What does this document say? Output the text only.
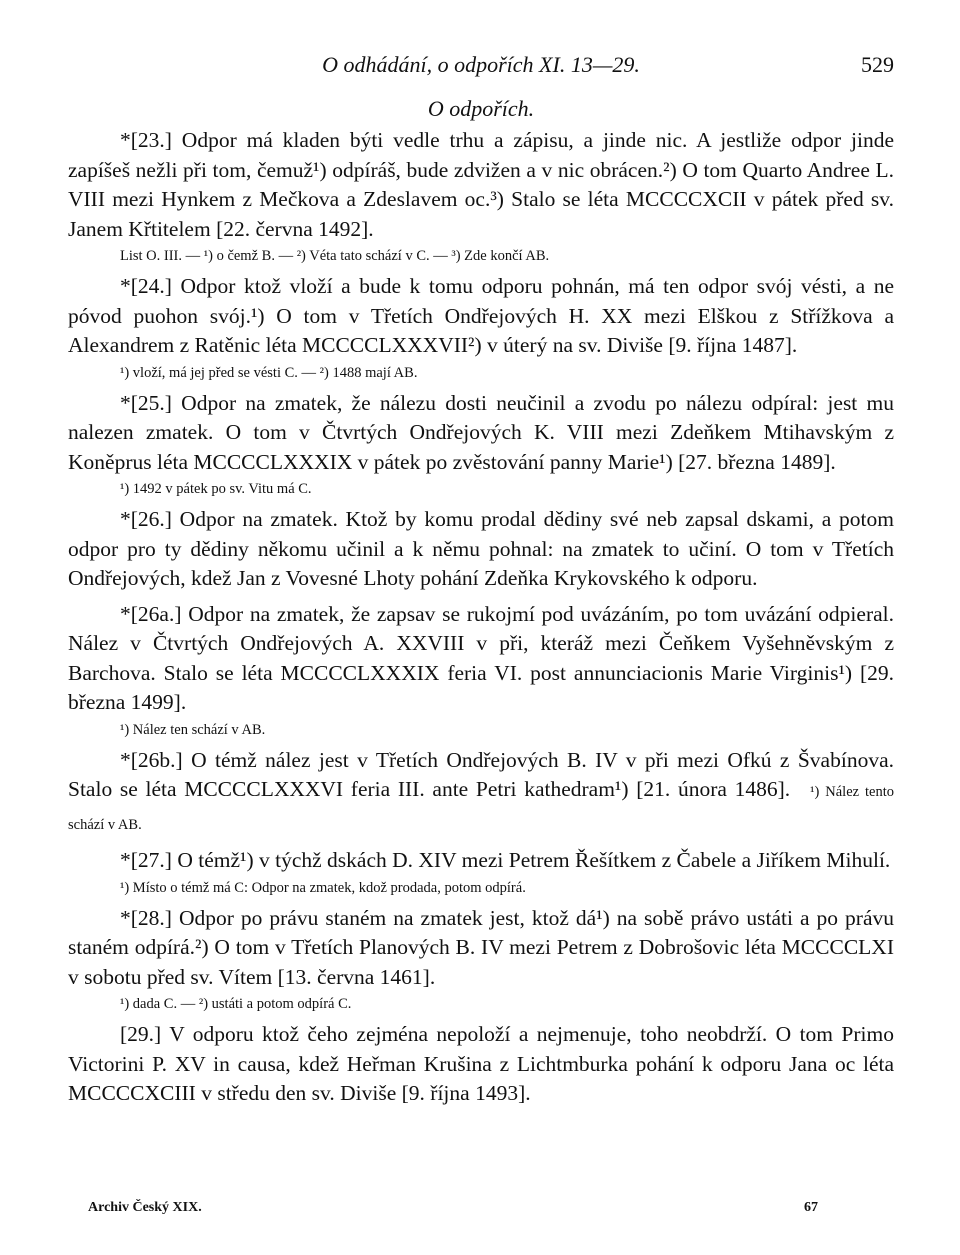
O odhádání, o odpořích XI. 13—29.	529
O odpořích.

*[23.] Odpor má kladen býti vedle trhu a zápisu, a jinde nic. A jestliže odpor jinde zapíšeš nežli při tom, čemuž¹) odpíráš, bude zdvižen a v nic obrácen.²) O tom Quarto Andree L. VIII mezi Hynkem z Mečkova a Zdeslavem oc.³) Stalo se léta MCCCCXCII v pátek před sv. Janem Křtitelem [22. června 1492].

List O. III. — ¹) o čemž B. — ²) Véta tato schází v C. — ³) Zde končí AB.

*[24.] Odpor ktož vloží a bude k tomu odporu pohnán, má ten odpor svój vésti, a ne póvod puohon svój.¹) O tom v Třetích Ondřejových H. XX mezi Elškou z Střížkova a Alexandrem z Ratěnic léta MCCCCLXXXVII²) v úterý na sv. Diviše [9. října 1487].

¹) vloží, má jej před se vésti C. — ²) 1488 mají AB.

*[25.] Odpor na zmatek, že nálezu dosti neučinil a zvodu po nálezu odpíral: jest mu nalezen zmatek. O tom v Čtvrtých Ondřejových K. VIII mezi Zdeňkem Mtihavským z Koněprus léta MCCCCLXXXIX v pátek po zvěstování panny Marie¹) [27. března 1489].

¹) 1492 v pátek po sv. Vitu má C.

*[26.] Odpor na zmatek. Ktož by komu prodal dědiny své neb zapsal dskami, a potom odpor pro ty dědiny někomu učinil a k němu pohnal: na zmatek to učiní. O tom v Třetích Ondřejových, kdež Jan z Vovesné Lhoty pohání Zdeňka Krykovského k odporu.

*[26a.] Odpor na zmatek, že zapsav se rukojmí pod uvázáním, po tom uvázání odpieral. Nález v Čtvrtých Ondřejových A. XXVIII v při, kteráž mezi Čeňkem Vyšehněvským z Barchova. Stalo se léta MCCCCLXXXIX feria VI. post annunciacionis Marie Virginis¹) [29. března 1499].

¹) Nález ten schází v AB.

*[26b.] O témž nález jest v Třetích Ondřejových B. IV v při mezi Ofkú z Švabínova. Stalo se léta MCCCCLXXXVI feria III. ante Petri kathedram¹) [21. února 1486]. ¹) Nález tento schází v AB.

*[27.] O témž¹) v týchž dskách D. XIV mezi Petrem Řešítkem z Čabele a Jiříkem Mihulí.

¹) Místo o témž má C: Odpor na zmatek, kdož prodada, potom odpírá.

*[28.] Odpor po právu staném na zmatek jest, ktož dá¹) na sobě právo ustáti a po právu staném odpírá.²) O tom v Třetích Planových B. IV mezi Petrem z Dobrošovic léta MCCCCLXI v sobotu před sv. Vítem [13. června 1461].

¹) dada C. — ²) ustáti a potom odpírá C.

[29.] V odporu ktož čeho zejména nepoloží a nejmenuje, toho neobdrží. O tom Primo Victorini P. XV in causa, kdež Heřman Krušina z Lichtmburka pohání k odporu Jana oc léta MCCCCXCIII v středu den sv. Diviše [9. října 1493].

Archiv Český XIX.	67
